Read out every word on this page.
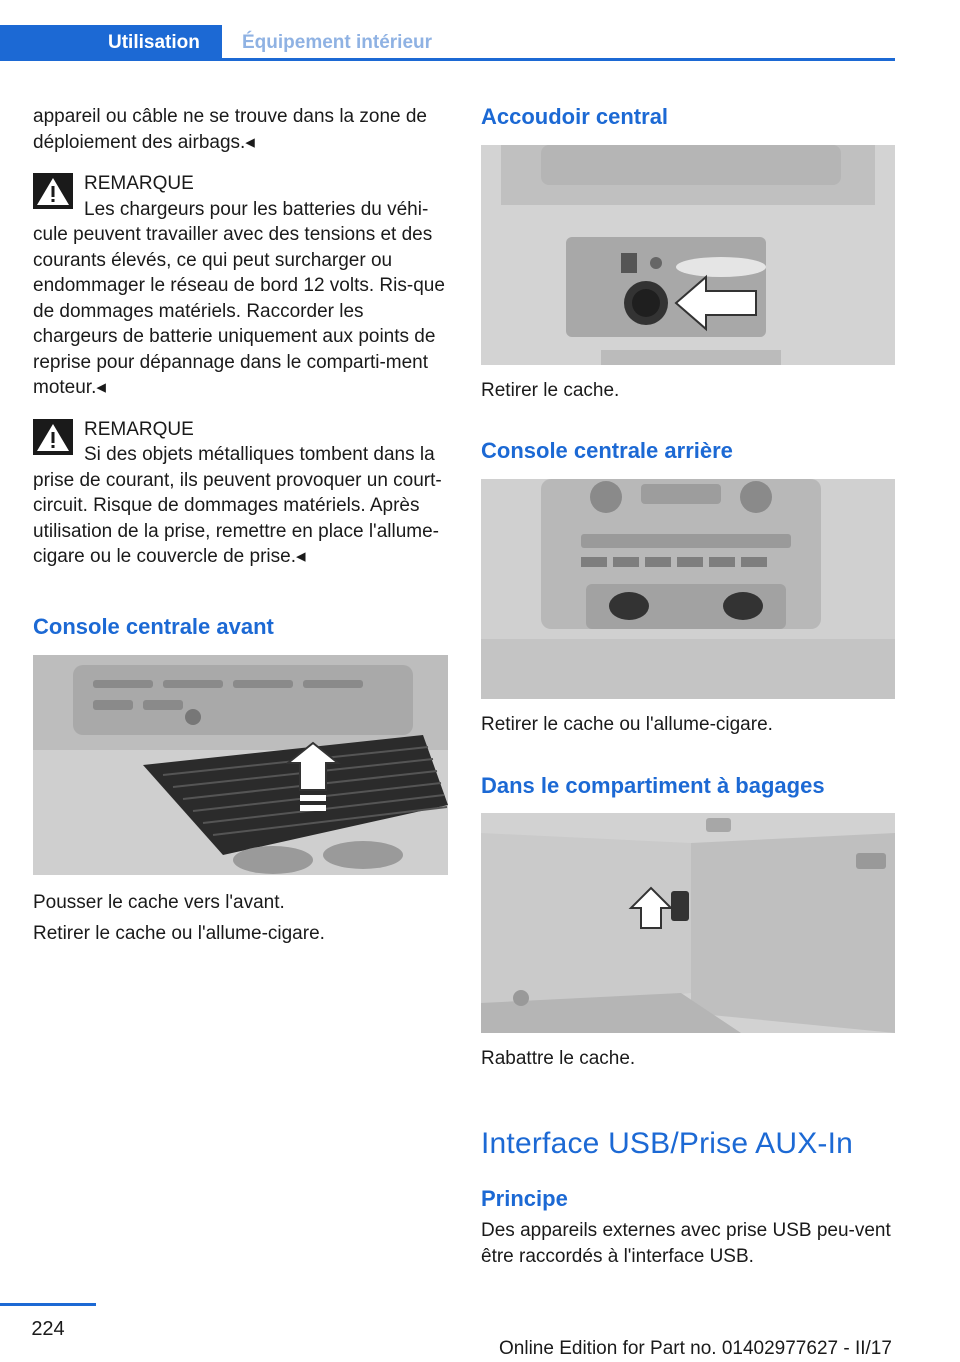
Utilisation	Équipement intérieur

appareil ou câble ne se trouve dans la zone de déploiement des airbags.◂

REMARQUE

Les chargeurs pour les batteries du véhi‐cule peuvent travailler avec des tensions et des courants élevés, ce qui peut surcharger ou endommager le réseau de bord 12 volts. Ris‐que de dommages matériels. Raccorder les chargeurs de batterie uniquement aux points de reprise pour dépannage dans le comparti‐ment moteur.◂

REMARQUE

Si des objets métalliques tombent dans la prise de courant, ils peuvent provoquer un court-circuit. Risque de dommages matériels. Après utilisation de la prise, remettre en place l'allume-cigare ou le couvercle de prise.◂

Console centrale avant

Pousser le cache vers l'avant.

Retirer le cache ou l'allume-cigare.

Accoudoir central

Retirer le cache.

Console centrale arrière

Retirer le cache ou l'allume-cigare.

Dans le compartiment à bagages

Rabattre le cache.

Interface USB/Prise AUX-In
Principe

Des appareils externes avec prise USB peu‐vent être raccordés à l'interface USB.

224
Online Edition for Part no. 01402977627 - II/17
